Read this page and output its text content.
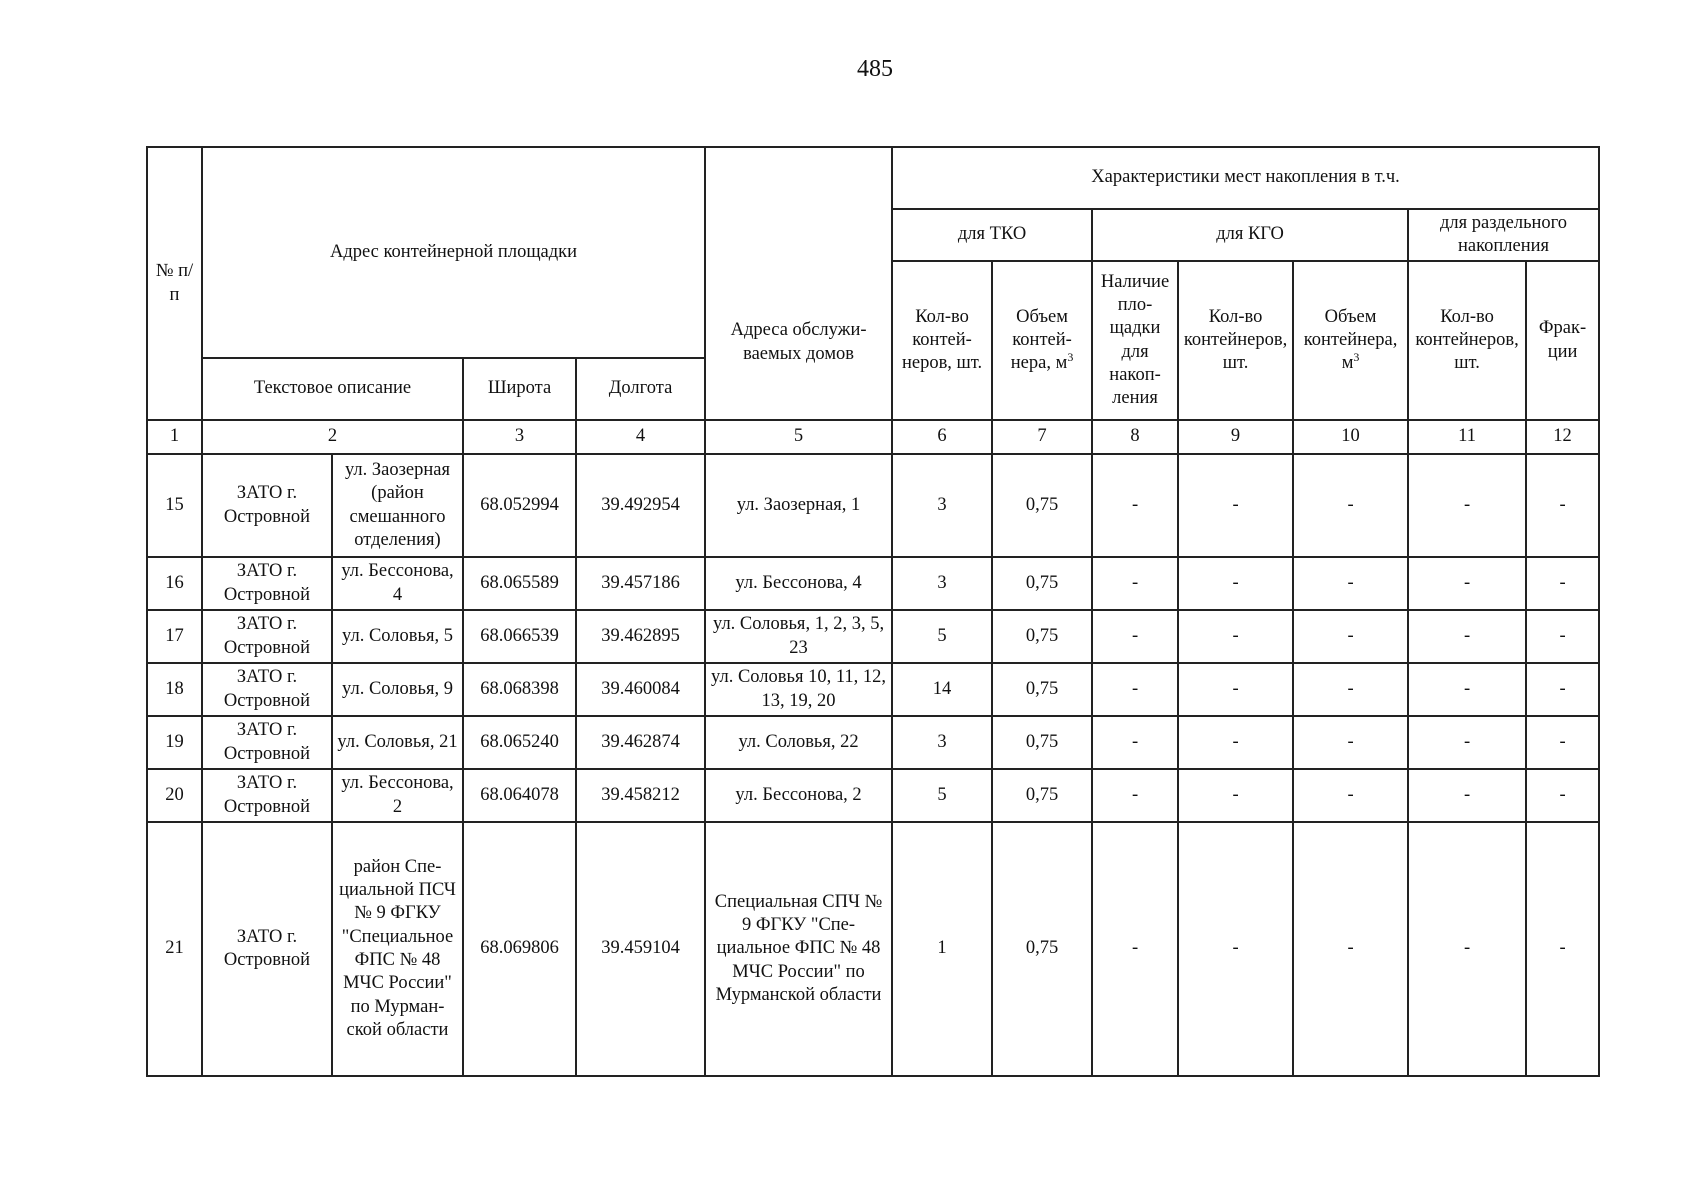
485
№ п/п	Адрес контейнерной площадки				Адреса обслуживаемых домов	Характеристики мест накопления в т.ч.						
						для ТКО		для КГО			для раздельного накопления	
						Кол-во контейнеров, шт.	Объем контейнера, $м^3$	Наличие площадки для накопления	Кол-во контейнеров, шт.	Объем контейнера, $м^3$	Кол-во контейнеров, шт.	Фракции
	Текстовое описание		Широта	Долгота								
1	2		3	4	5	6	7	8	9	10	11	12
15	ЗАТО г. Островной	ул. Заозерная (район смешанного отделения)	68.052994	39.492954	ул. Заозерная, 1	3	0,75	-	-	-	-	-
16	ЗАТО г. Островной	ул. Бессонова, 4	68.065589	39.457186	ул. Бессонова, 4	3	0,75	-	-	-	-	-
17	ЗАТО г. Островной	ул. Соловья, 5	68.066539	39.462895	ул. Соловья, 1, 2, 3, 5, 23	5	0,75	-	-	-	-	-
18	ЗАТО г. Островной	ул. Соловья, 9	68.068398	39.460084	ул. Соловья 10, 11, 12, 13, 19, 20	14	0,75	-	-	-	-	-
19	ЗАТО г. Островной	ул. Соловья, 21	68.065240	39.462874	ул. Соловья, 22	3	0,75	-	-	-	-	-
20	ЗАТО г. Островной	ул. Бессонова, 2	68.064078	39.458212	ул. Бессонова, 2	5	0,75	-	-	-	-	-
21	ЗАТО г. Островной	район Специальной ПСЧ № 9 ФГКУ "Специальное ФПС № 48 МЧС России" по Мурманской области	68.069806	39.459104	Специальная СПЧ № 9 ФГКУ "Специальное ФПС № 48 МЧС России" по Мурманской области	1	0,75	-	-	-	-	-
